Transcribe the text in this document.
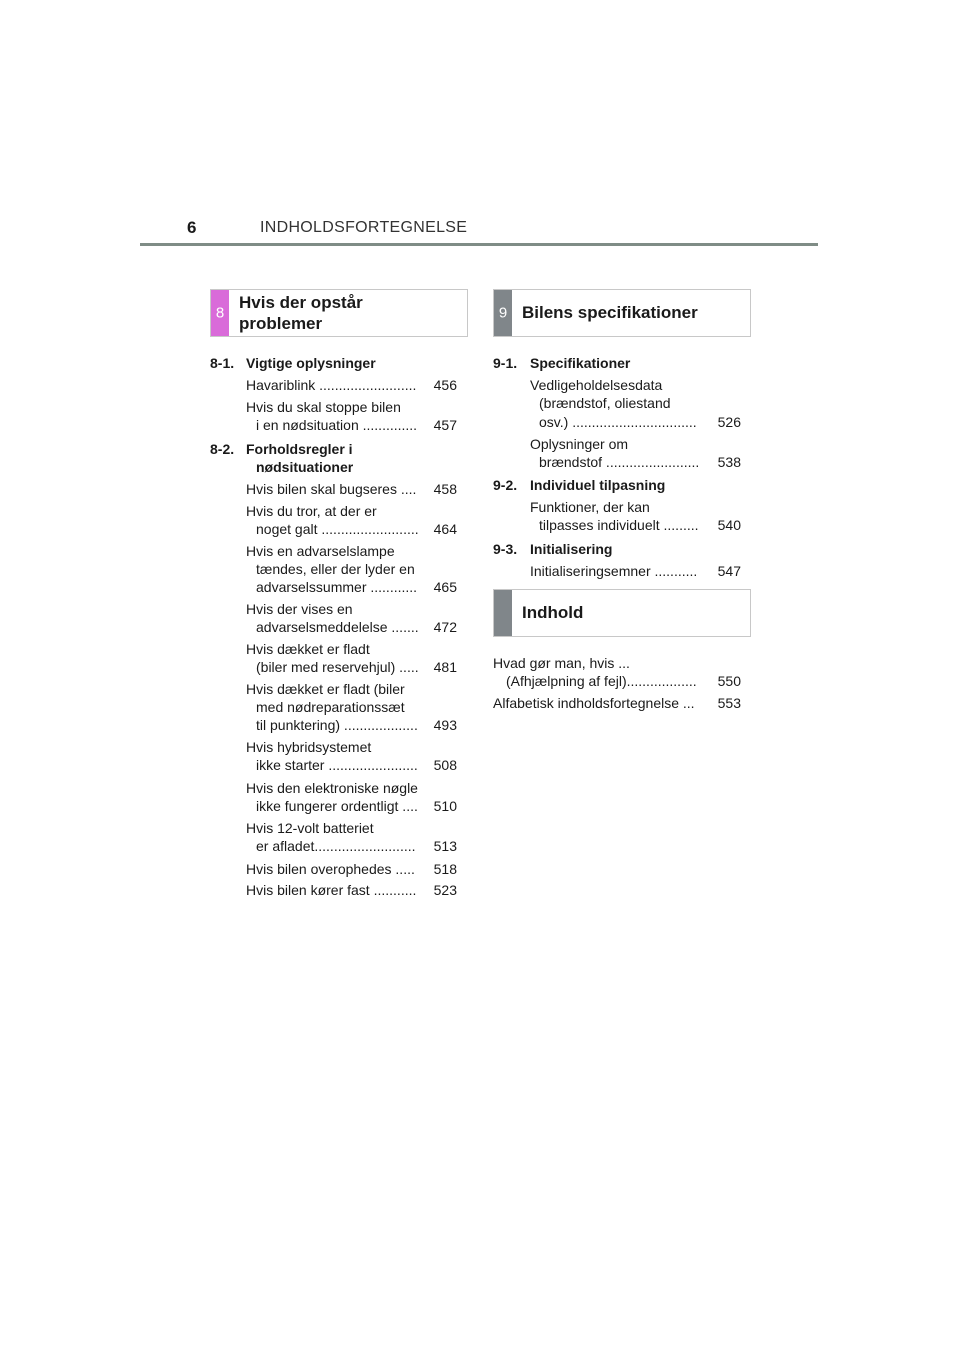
6	INDHOLDSFORTEGNELSE
8
Hvis der opstår
problemer
9 Bilens specifikationer
Indhold
8-1. Vigtige oplysninger
Havariblink .........................	456
Hvis du skal stoppe bilen
i en nødsituation ..............	457
8-2. Forholdsregler i
nødsituationer
Hvis bilen skal bugseres ....	458
Hvis du tror, at der er
noget galt .........................	464
Hvis en advarselslampe
tændes, eller der lyder en
advarselssummer ............	465
Hvis der vises en
advarselsmeddelelse .......	472
Hvis dækket er fladt
(biler med reservehjul) .....	481
Hvis dækket er fladt (biler
med nødreparationssæt
til punktering) ...................	493
Hvis hybridsystemet
ikke starter .......................	508
Hvis den elektroniske nøgle
ikke fungerer ordentligt ....	510
Hvis 12-volt batteriet
er afladet..........................	513
Hvis bilen overophedes .....	518
Hvis bilen kører fast ...........	523
9-1. Specifikationer
Vedligeholdelsesdata
(brændstof, oliestand
osv.) ................................	526
Oplysninger om
brændstof ........................	538
9-2. Individuel tilpasning
Funktioner, der kan
tilpasses individuelt .........	540
9-3. Initialisering
Initialiseringsemner ...........	547
Hvad gør man, hvis ...
(Afhjælpning af fejl)..................	550
Alfabetisk indholdsfortegnelse ...	553
